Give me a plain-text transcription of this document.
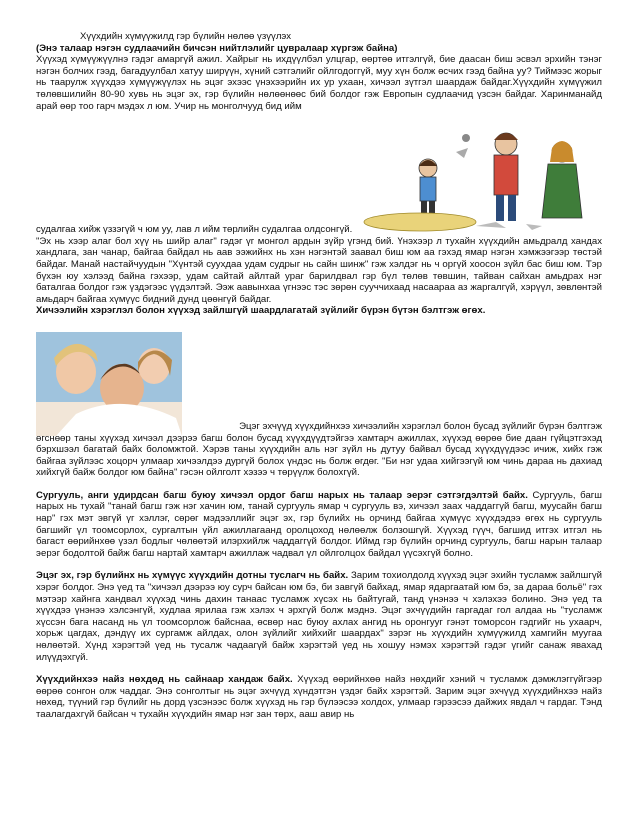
Хүүхдийн хүмүүжилд гэр бүлийн нөлөө үзүүлэх

(Энэ талаар нэгэн судлаачийн бичсэн нийтлэлийг цувралаар хүргэж байна)

Хүүхэд хүмүүжүүлнэ гэдэг амаргүй ажил. Хайрыг нь ихдүүлбэл улцгар, өөртөө итгэлгүй, бие даасан биш эсвэл эрхийн тэнэг нэгэн болчих гээд, багадуулбал хатуу ширүүн, хүний сэтгэлийг ойлгодоггүй, муу хүн болж өсчих гээд байна уу? Тиймээс жорыг нь таарулж хүүхдээ хүмүүжүүлэх нь эцэг эхээс үнэхээрийн их ур ухаан, хичээл зүтгэл шаардаж байдаг.Хүүхдийн хүмүүжил төлөвшилийн 80-90 хувь нь эцэг эх, гэр бүлийн нөлөөнөөс бий болдог гэж Европын судлаачид үзсэн байдаг. Харинманайд арай өөр тоо гарч мэдэх л юм. Учир нь монголчууд бид ийм

судалгаа хийж үззэгүй ч юм уу, лав л ийм төрлийн судалгаа олдсонгүй.

"Эх нь хээр алаг бол хүү нь шийр алаг" гэдэг үг монгол ардын зүйр үгэнд бий. Үнэхээр л тухайн хүүхдийн амьдралд хандах хандлага, зан чанар, байгаа байдал нь аав ээжийнх нь хэн нэгэнтэй заавал биш юм аа гэхэд ямар нэгэн хэмжээгээр төстэй байдаг. Манай настайчуудын "Хүнтэй суухдаа удам судрыг нь сайн шинж" гэж хэлдэг нь ч оргүй хоосон зүйл бас биш юм. Тэр бүхэн юу хэлээд байна гэхээр, удам сайтай айлтай ураг барилдвал гэр бүл төлөв төвшин, тайван сайхан амьдрах нэг баталгаа болдог гэж үздэгээс үүдэлтэй. Ээж аавынхаа үгнээс тэс зөрөн сууччихаад насаараа аз жаргалгүй, хэрүүл, зөвлөнтэй амьдарч байгаа хүмүүс бидний дунд цөөнгүй байдаг.

Хичээлийн хэрэглэл болон хүүхэд зайлшгүй шаардлагатай зүйлийг бүрэн бүтэн бэлтгэж өгөх.

Эцэг эхчүүд хүүхдийнхээ хичээлийн хэрэглэл болон бусад зүйлийг бүрэн бэлтгэж

өгснөөр таны хүүхэд хичээл дээрээ багш болон бусад хүүхдүүдтэйгээ хамтарч ажиллах, хүүхэд өөрөө бие даан гүйцэтгэхэд бэрхшээл багатай байх боломжтой. Хэрэв таны хүүхдийн аль нэг зүйл нь дутуу байвал бусад хүүхдүүдээс ичиж, хийх гэж байгаа зүйлээс хоцорч улмаар хичээлдээ дургүй болох үндэс нь болж өгдөг. "Би нэг удаа хийгээгүй юм чинь дараа нь дахиад хийхгүй байж болдог юм байна" гэсэн ойлголт хэзээ ч төрүүлж болохгүй.

Сургууль, анги удирдсан багш буюу хичээл ордог багш нарых нь талаар эерэг сэтгэгдэлтэй байх. Сургууль, багш нарых нь тухай "танай багш гэж нэг хачин юм, танай сургууль ямар ч сургууль вэ, хичээл заах чаддаггүй багш, муусайн багш нар" гэх мэт эвгүй үг хэллэг, сөрөг мэдээллийг эцэг эх, гэр бүлийх нь орчинд байгаа хүмүүс хүүхдэдээ өгөх нь сургууль багшийг үл тоомсорлох, сургалтын үйл ажиллагаанд оролцоход нөлөөлж болзошгүй. Хүүхэд гүүч, багшид итгэх итгэл нь багаст өөрийнхөө үзэл бодлыг чөлөөтэй илэрхийлж чаддаггүй болдог. Иймд гэр бүлийн орчинд сургууль, багш нарын талаар эерэг бодолтой байж багш нартай хамтарч ажиллаж чадвал үл ойлголцох байдал үүсэхгүй болно.

Эцэг эх, гэр бүлийнх нь хүмүүс хүүхдийн дотны туслагч нь байх. Зарим тохиолдолд хүүхэд эцэг эхийн тусламж зайлшгүй хэрэг болдог. Энэ үед та "хичээл дээрээ юу сурч байсан юм бэ, би завгүй байхад, ямар ядаргаатай юм бэ, за дараа больё" гэх мэтээр хайнга хандвал хүүхэд чинь дахин танаас тусламж хүсэх нь байтугай, танд үнэнээ ч хэлэхээ болино. Энэ үед та хүүхдээ үнэнээ хэлсэнгүй, худлаа ярилаа гэж хэлэх ч эрхгүй болж мэднэ. Эцэг эхчүүдийн гаргадаг гол алдаа нь "тусламж хүссэн бага насанд нь үл тоомсорлож байснаа, өсвөр нас буюу ахлах ангид нь оронгууг гэнэт томорсон гэдгийг нь ухаарч, хорьж цагдах, дэндүү их сургамж айлдах, олон зүйлийг хийхийг шаардах" зэрэг нь хүүхдийн хүмүүжилд хамгийн муугаа нөлөөтэй. Хүнд хэрэгтэй үед нь тусалж чадаагүй байж хэрэгтэй үед нь хошуу нэмэх хэрэгтэй гэдэг үгийг санаж явахад илүүдэхгүй.

Хүүхдийнхээ найз нөхдөд нь сайнаар хандаж байх. Хүүхэд өөрийнхөө найз нөхдийг хэний ч тусламж дэмжлэггүйгээр өөрөө сонгон олж чаддаг. Энэ сонголтыг нь эцэг эхчүүд хүндэтгэн үздэг байх хэрэгтэй. Зарим эцэг эхчүүд хүүхдийнхээ найз нөхөд, түүний гэр бүлийг нь дорд үзсэнээс болж хүүхэд нь гэр бүлээсээ холдох, улмаар гэрээсээ дайжих явдал ч гардаг. Тэнд таалагдахгүй байсан ч тухайн хүүхдийн ямар нэг зан төрх, ааш авир нь
